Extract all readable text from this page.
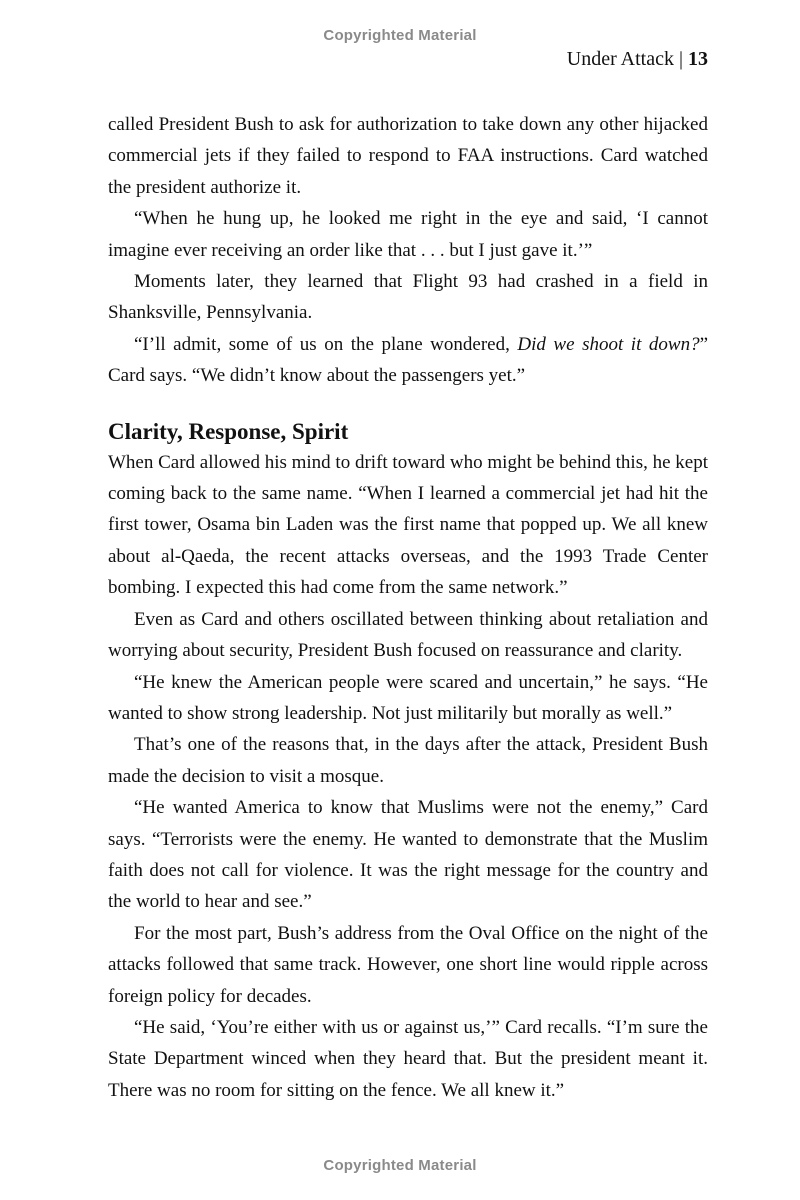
Copyrighted Material
Under Attack | 13

called President Bush to ask for authorization to take down any other hijacked commercial jets if they failed to respond to FAA instructions. Card watched the president authorize it.

“When he hung up, he looked me right in the eye and said, ‘I cannot imagine ever receiving an order like that . . . but I just gave it.’”

Moments later, they learned that Flight 93 had crashed in a field in Shanksville, Pennsylvania.

“I’ll admit, some of us on the plane wondered, Did we shoot it down?” Card says. “We didn’t know about the passengers yet.”

Clarity, Response, Spirit

When Card allowed his mind to drift toward who might be behind this, he kept coming back to the same name. “When I learned a commercial jet had hit the first tower, Osama bin Laden was the first name that popped up. We all knew about al-Qaeda, the recent attacks overseas, and the 1993 Trade Center bombing. I expected this had come from the same network.”

Even as Card and others oscillated between thinking about retaliation and worrying about security, President Bush focused on reassurance and clarity.

“He knew the American people were scared and uncertain,” he says. “He wanted to show strong leadership. Not just militarily but morally as well.”

That’s one of the reasons that, in the days after the attack, President Bush made the decision to visit a mosque.

“He wanted America to know that Muslims were not the enemy,” Card says. “Terrorists were the enemy. He wanted to demonstrate that the Muslim faith does not call for violence. It was the right message for the country and the world to hear and see.”

For the most part, Bush’s address from the Oval Office on the night of the attacks followed that same track. However, one short line would ripple across foreign policy for decades.

“He said, ‘You’re either with us or against us,’” Card recalls. “I’m sure the State Department winced when they heard that. But the president meant it. There was no room for sitting on the fence. We all knew it.”

Copyrighted Material
